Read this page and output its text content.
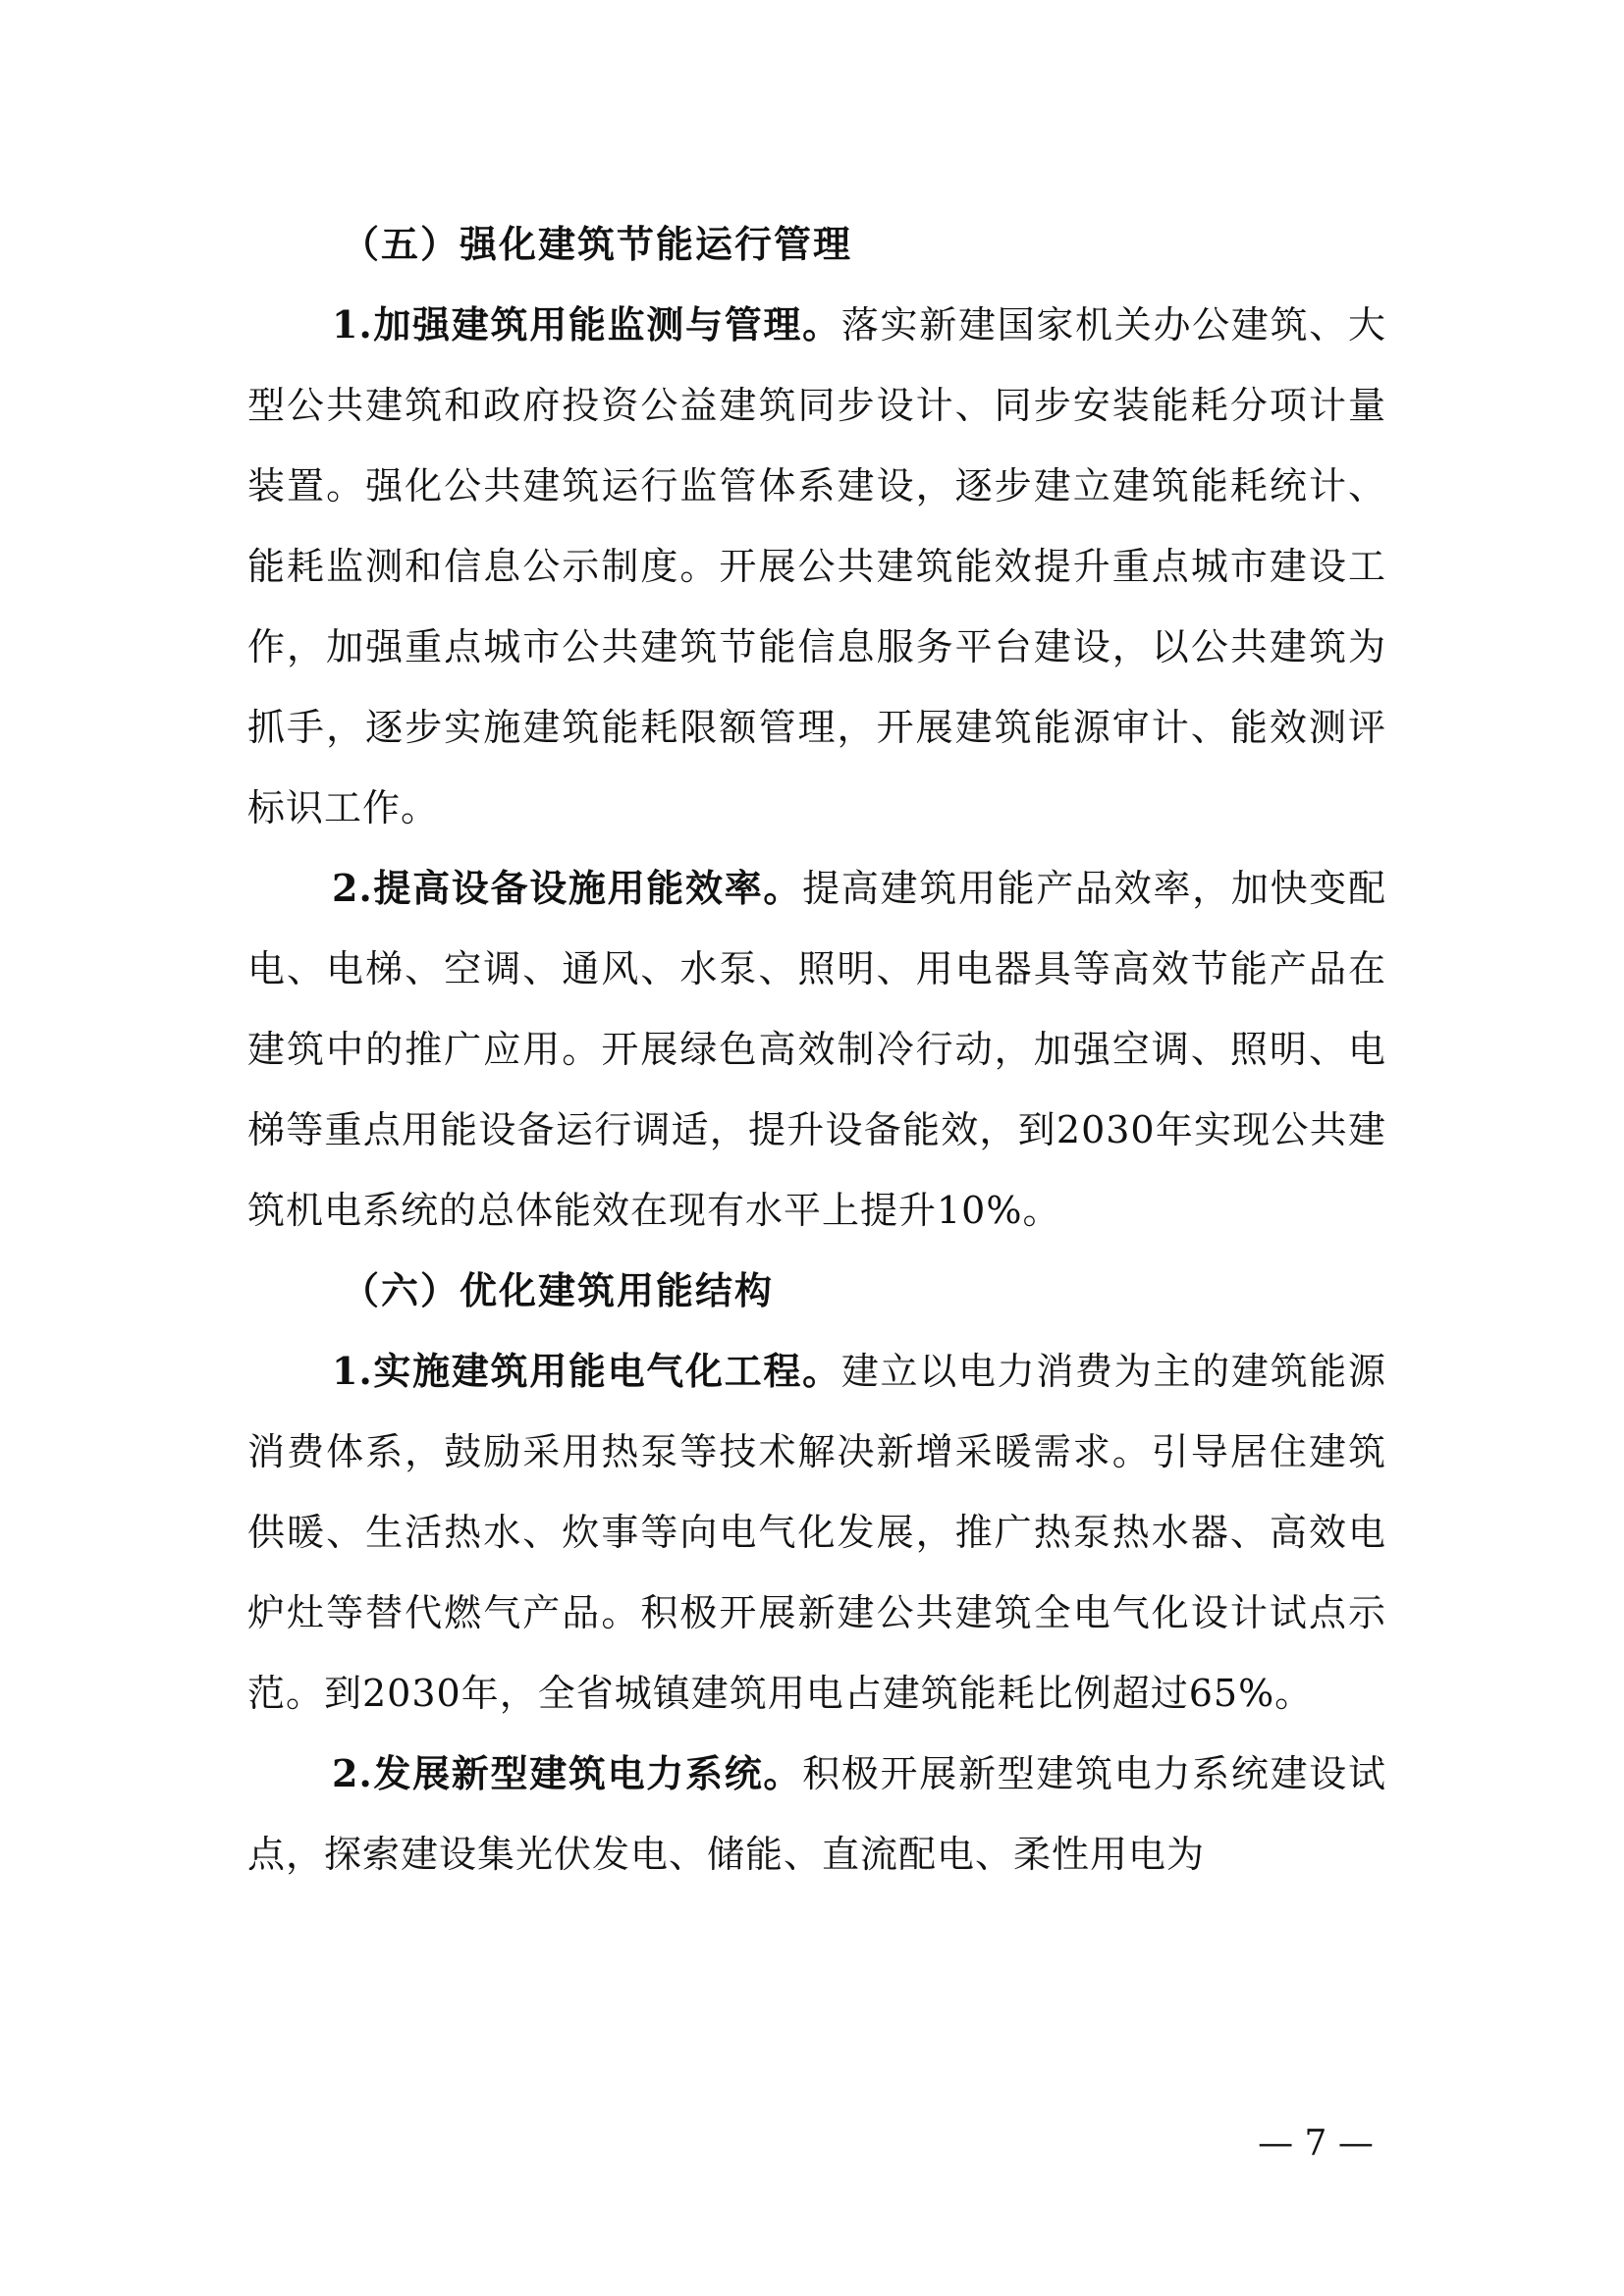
（五）强化建筑节能运行管理

1.加强建筑用能监测与管理。落实新建国家机关办公建筑、大型公共建筑和政府投资公益建筑同步设计、同步安装能耗分项计量装置。强化公共建筑运行监管体系建设，逐步建立建筑能耗统计、能耗监测和信息公示制度。开展公共建筑能效提升重点城市建设工作，加强重点城市公共建筑节能信息服务平台建设，以公共建筑为抓手，逐步实施建筑能耗限额管理，开展建筑能源审计、能效测评标识工作。

2.提高设备设施用能效率。提高建筑用能产品效率，加快变配电、电梯、空调、通风、水泵、照明、用电器具等高效节能产品在建筑中的推广应用。开展绿色高效制冷行动，加强空调、照明、电梯等重点用能设备运行调适，提升设备能效，到2030年实现公共建筑机电系统的总体能效在现有水平上提升10%。

（六）优化建筑用能结构

1.实施建筑用能电气化工程。建立以电力消费为主的建筑能源消费体系，鼓励采用热泵等技术解决新增采暖需求。引导居住建筑供暖、生活热水、炊事等向电气化发展，推广热泵热水器、高效电炉灶等替代燃气产品。积极开展新建公共建筑全电气化设计试点示范。到2030年，全省城镇建筑用电占建筑能耗比例超过65%。

2.发展新型建筑电力系统。积极开展新型建筑电力系统建设试点，探索建设集光伏发电、储能、直流配电、柔性用电为

— 7 —
